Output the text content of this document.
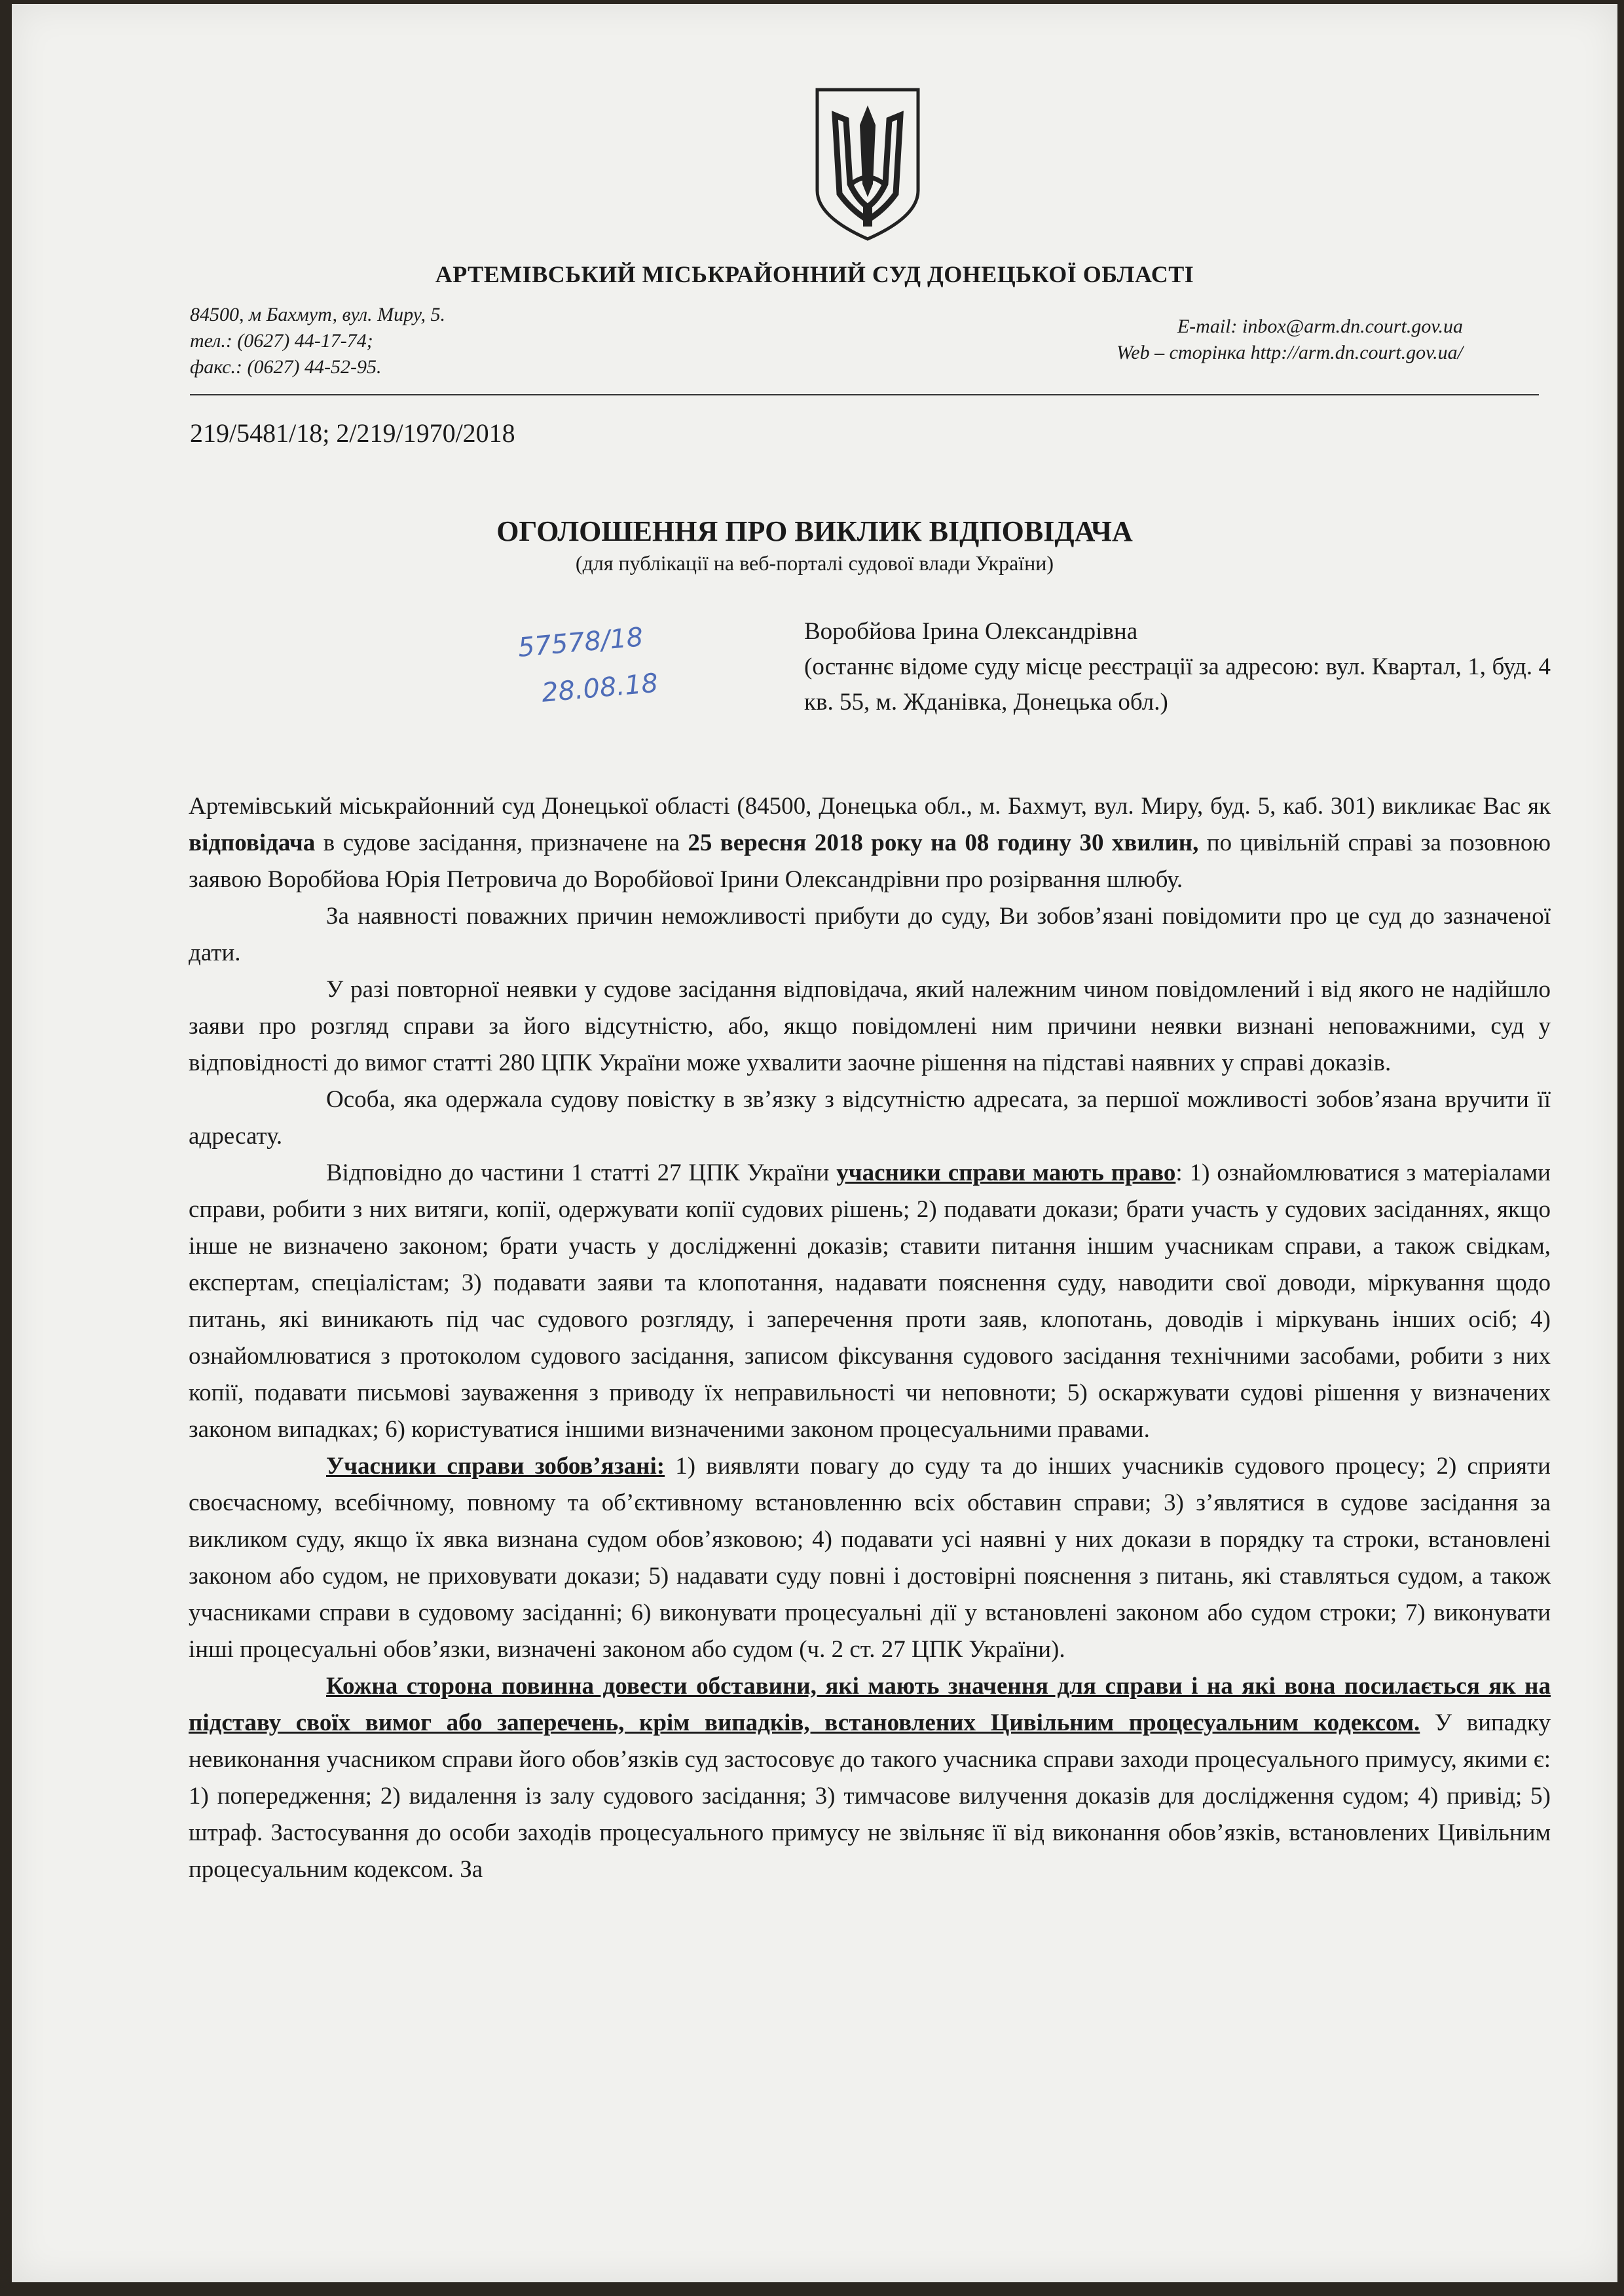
АРТЕМІВСЬКИЙ МІСЬКРАЙОННИЙ СУД ДОНЕЦЬКОЇ ОБЛАСТІ
84500, м Бахмут, вул. Миру, 5.
тел.: (0627) 44-17-74;
факс.: (0627) 44-52-95.
E-mail: inbox@arm.dn.court.gov.ua
Web – сторінка http://arm.dn.court.gov.ua/
219/5481/18; 2/219/1970/2018
ОГОЛОШЕННЯ ПРО ВИКЛИК ВІДПОВІДАЧА
(для публікації на веб-порталі судової влади України)
57578/18
28.08.18
Воробйова Ірина Олександрівна
(останнє відоме суду місце реєстрації за адресою: вул. Квартал, 1, буд. 4 кв. 55, м. Жданівка, Донецька обл.)

Артемівський міськрайонний суд Донецької області (84500, Донецька обл., м. Бахмут, вул. Миру, буд. 5, каб. 301) викликає Вас як відповідача в судове засідання, призначене на 25 вересня 2018 року на 08 годину 30 хвилин, по цивільній справі за позовною заявою Воробйова Юрія Петровича до Воробйової Ірини Олександрівни про розірвання шлюбу.

За наявності поважних причин неможливості прибути до суду, Ви зобов’язані повідомити про це суд до зазначеної дати.

У разі повторної неявки у судове засідання відповідача, який належним чином повідомлений і від якого не надійшло заяви про розгляд справи за його відсутністю, або, якщо повідомлені ним причини неявки визнані неповажними, суд у відповідності до вимог статті 280 ЦПК України може ухвалити заочне рішення на підставі наявних у справі доказів.

Особа, яка одержала судову повістку в зв’язку з відсутністю адресата, за першої можливості зобов’язана вручити її адресату.

Відповідно до частини 1 статті 27 ЦПК України учасники справи мають право: 1) ознайомлюватися з матеріалами справи, робити з них витяги, копії, одержувати копії судових рішень; 2) подавати докази; брати участь у судових засіданнях, якщо інше не визначено законом; брати участь у дослідженні доказів; ставити питання іншим учасникам справи, а також свідкам, експертам, спеціалістам; 3) подавати заяви та клопотання, надавати пояснення суду, наводити свої доводи, міркування щодо питань, які виникають під час судового розгляду, і заперечення проти заяв, клопотань, доводів і міркувань інших осіб; 4) ознайомлюватися з протоколом судового засідання, записом фіксування судового засідання технічними засобами, робити з них копії, подавати письмові зауваження з приводу їх неправильності чи неповноти; 5) оскаржувати судові рішення у визначених законом випадках; 6) користуватися іншими визначеними законом процесуальними правами.

Учасники справи зобов’язані: 1) виявляти повагу до суду та до інших учасників судового процесу; 2) сприяти своєчасному, всебічному, повному та об’єктивному встановленню всіх обставин справи; 3) з’являтися в судове засідання за викликом суду, якщо їх явка визнана судом обов’язковою; 4) подавати усі наявні у них докази в порядку та строки, встановлені законом або судом, не приховувати докази; 5) надавати суду повні і достовірні пояснення з питань, які ставляться судом, а також учасниками справи в судовому засіданні; 6) виконувати процесуальні дії у встановлені законом або судом строки; 7) виконувати інші процесуальні обов’язки, визначені законом або судом (ч. 2 ст. 27 ЦПК України).

Кожна сторона повинна довести обставини, які мають значення для справи і на які вона посилається як на підставу своїх вимог або заперечень, крім випадків, встановлених Цивільним процесуальним кодексом. У випадку невиконання учасником справи його обов’язків суд застосовує до такого учасника справи заходи процесуального примусу, якими є: 1) попередження; 2) видалення із залу судового засідання; 3) тимчасове вилучення доказів для дослідження судом; 4) привід; 5) штраф. Застосування до особи заходів процесуального примусу не звільняє її від виконання обов’язків, встановлених Цивільним процесуальним кодексом. За
